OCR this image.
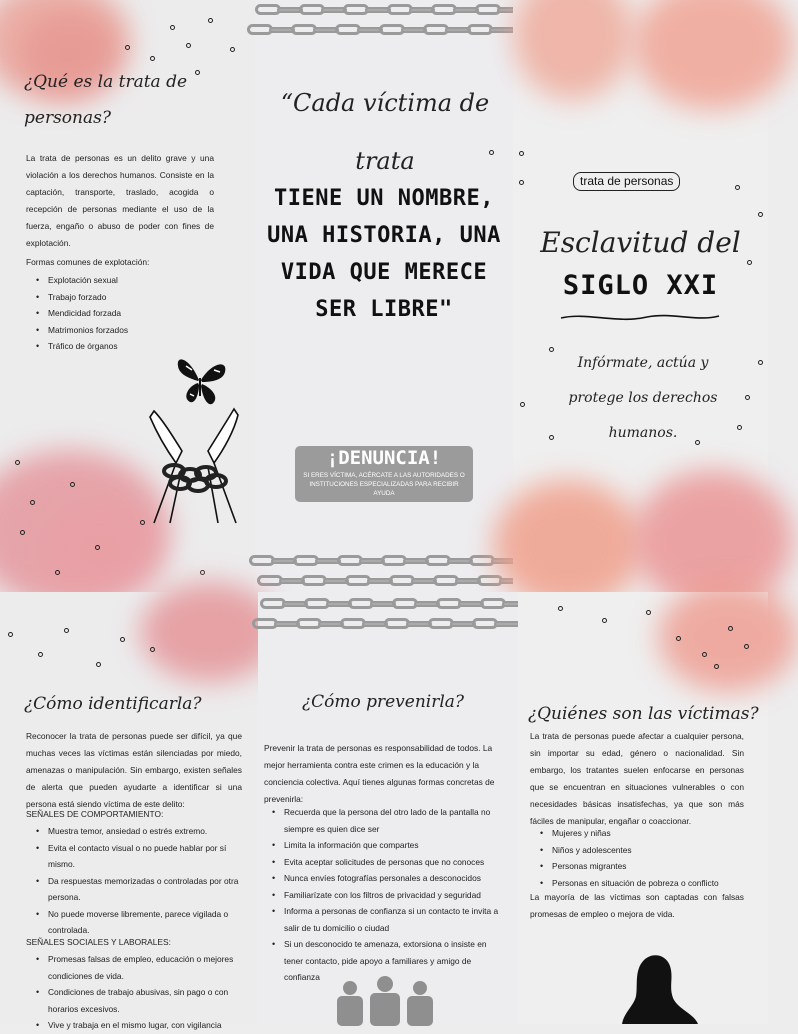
¿Qué es la trata de personas?

La trata de personas es un delito grave y una violación a los derechos humanos. Consiste en la captación, transporte, traslado, acogida o recepción de personas mediante el uso de la fuerza, engaño o abuso de poder con fines de explotación.

Formas comunes de explotación:

• Explotación sexual
• Trabajo forzado
• Mendicidad forzada
• Matrimonios forzados
• Tráfico de órganos
“Cada víctima de trata
TIENE UN NOMBRE, UNA HISTORIA, UNA VIDA QUE MERECE SER LIBRE"
¡DENUNCIA!
SI ERES VÍCTIMA, ACÉRCATE A LAS AUTORIDADES O INSTITUCIONES ESPECIALIZADAS PARA RECIBIR AYUDA
trata de personas
Esclavitud del
SIGLO XXI
Infórmate, actúa y protege los derechos humanos.
¿Cómo identificarla?

Reconocer la trata de personas puede ser difícil, ya que muchas veces las víctimas están silenciadas por miedo, amenazas o manipulación. Sin embargo, existen señales de alerta que pueden ayudarte a identificar si una persona está siendo víctima de este delito:

SEÑALES DE COMPORTAMIENTO:

• Muestra temor, ansiedad o estrés extremo.
• Evita el contacto visual o no puede hablar por sí mismo.
• Da respuestas memorizadas o controladas por otra persona.
• No puede moverse libremente, parece vigilada o controlada.

SEÑALES SOCIALES Y LABORALES:

• Promesas falsas de empleo, educación o mejores condiciones de vida.
• Condiciones de trabajo abusivas, sin pago o con horarios excesivos.
• Vive y trabaja en el mismo lugar, con vigilancia
¿Cómo prevenirla?

Prevenir la trata de personas es responsabilidad de todos. La mejor herramienta contra este crimen es la educación y la conciencia colectiva. Aquí tienes algunas formas concretas de prevenirla:

• Recuerda que la persona del otro lado de la pantalla no siempre es quien dice ser
• Limita la información que compartes
• Evita aceptar solicitudes de personas que no conoces
• Nunca envíes fotografías personales a desconocidos
• Familiarízate con los filtros de privacidad y seguridad
• Informa a personas de confianza si un contacto te invita a salir de tu domicilio o ciudad
• Si un desconocido te amenaza, extorsiona o insiste en tener contacto, pide apoyo a familiares y amigo de confianza
¿Quiénes son las víctimas?

La trata de personas puede afectar a cualquier persona, sin importar su edad, género o nacionalidad. Sin embargo, los tratantes suelen enfocarse en personas que se encuentran en situaciones vulnerables o con necesidades básicas insatisfechas, ya que son más fáciles de manipular, engañar o coaccionar.

• Mujeres y niñas
• Niños y adolescentes
• Personas migrantes
• Personas en situación de pobreza o conflicto

La mayoría de las víctimas son captadas con falsas promesas de empleo o mejora de vida.
